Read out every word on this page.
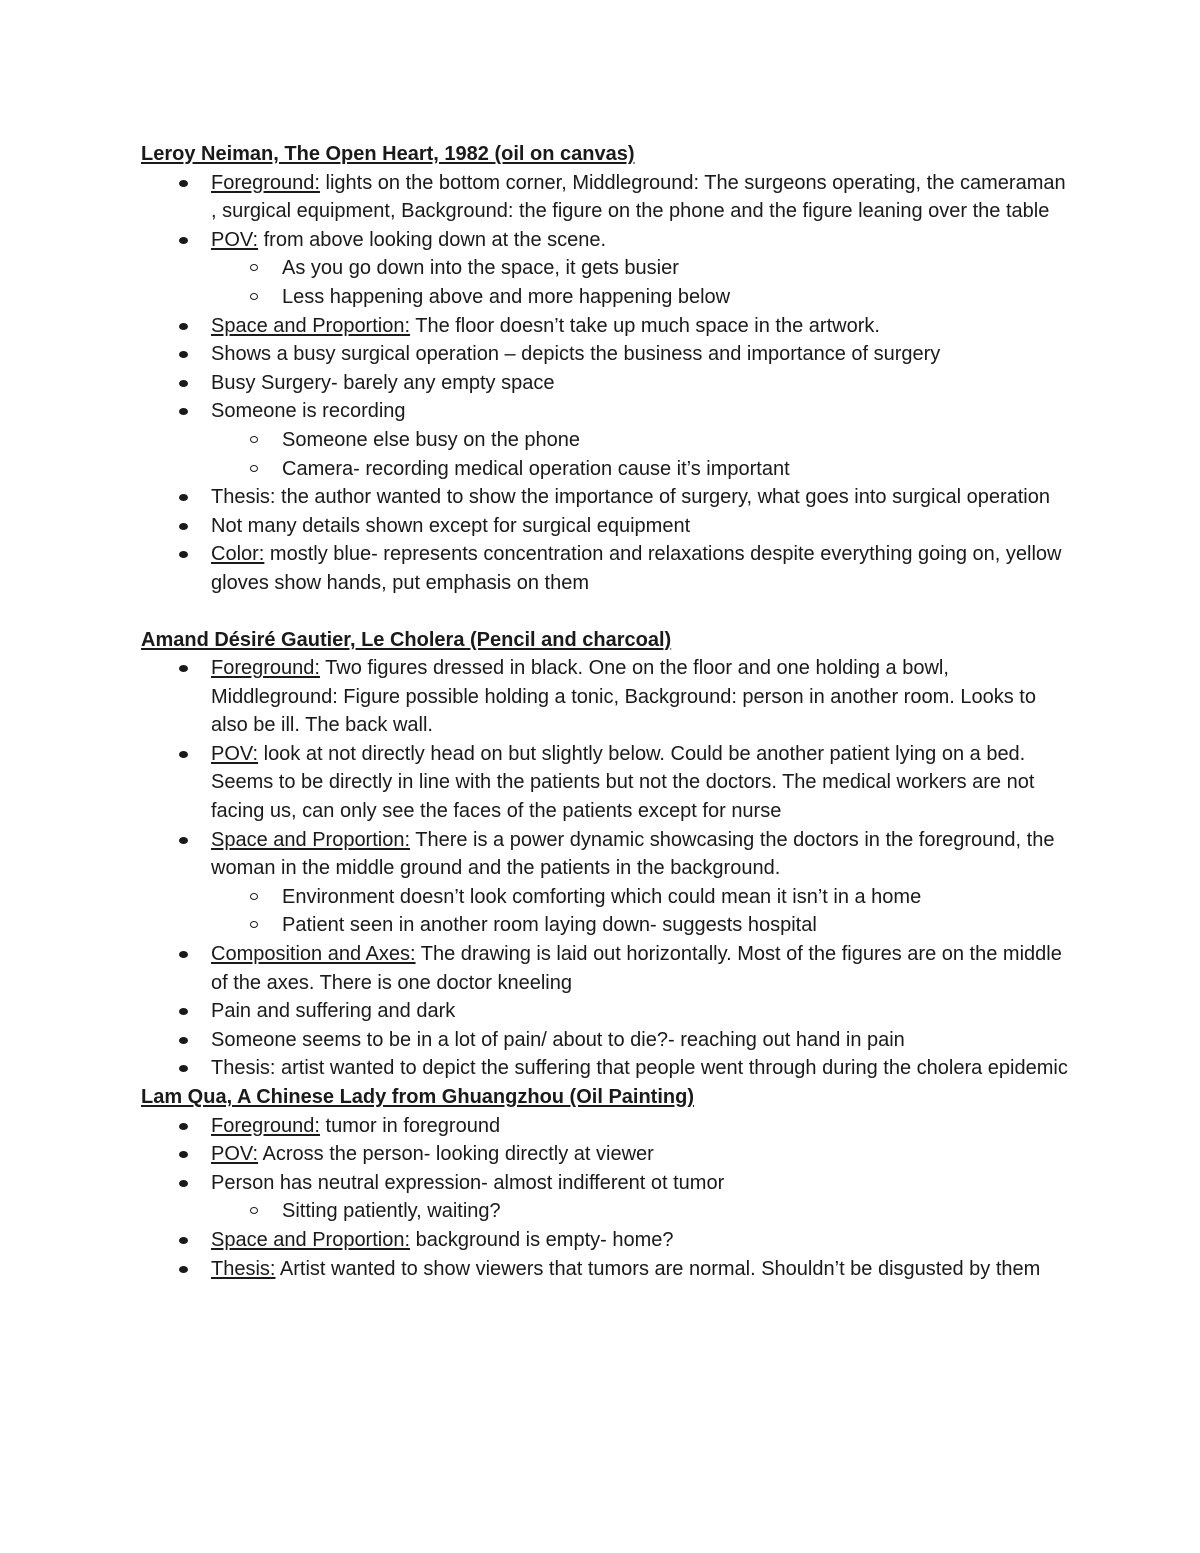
Leroy Neiman, The Open Heart, 1982 (oil on canvas)

Foreground: lights on the bottom corner, Middleground: The surgeons operating, the cameraman , surgical equipment, Background: the figure on the phone and the figure leaning over the table
POV: from above looking down at the scene.
As you go down into the space, it gets busier
Less happening above and more happening below
Space and Proportion: The floor doesn’t take up much space in the artwork.
Shows a busy surgical operation – depicts the business and importance of surgery
Busy Surgery- barely any empty space
Someone is recording
Someone else busy on the phone
Camera- recording medical operation cause it’s important
Thesis: the author wanted to show the importance of surgery, what goes into surgical operation
Not many details shown except for surgical equipment
Color: mostly blue- represents concentration and relaxations despite everything going on, yellow gloves show hands, put emphasis on them

Amand Désiré Gautier, Le Cholera (Pencil and charcoal)

Foreground: Two figures dressed in black. One on the floor and one holding a bowl, Middleground: Figure possible holding a tonic, Background: person in another room. Looks to also be ill. The back wall.
POV: look at not directly head on but slightly below. Could be another patient lying on a bed. Seems to be directly in line with the patients but not the doctors. The medical workers are not facing us, can only see the faces of the patients except for nurse
Space and Proportion: There is a power dynamic showcasing the doctors in the foreground, the woman in the middle ground and the patients in the background.
Environment doesn’t look comforting which could mean it isn’t in a home
Patient seen in another room laying down- suggests hospital
Composition and Axes: The drawing is laid out horizontally. Most of the figures are on the middle of the axes. There is one doctor kneeling
Pain and suffering and dark
Someone seems to be in a lot of pain/ about to die?- reaching out hand in pain
Thesis: artist wanted to depict the suffering that people went through during the cholera epidemic

Lam Qua, A Chinese Lady from Ghuangzhou (Oil Painting)

Foreground: tumor in foreground
POV: Across the person- looking directly at viewer
Person has neutral expression- almost indifferent ot tumor
Sitting patiently, waiting?
Space and Proportion: background is empty- home?
Thesis: Artist wanted to show viewers that tumors are normal. Shouldn’t be disgusted by them
